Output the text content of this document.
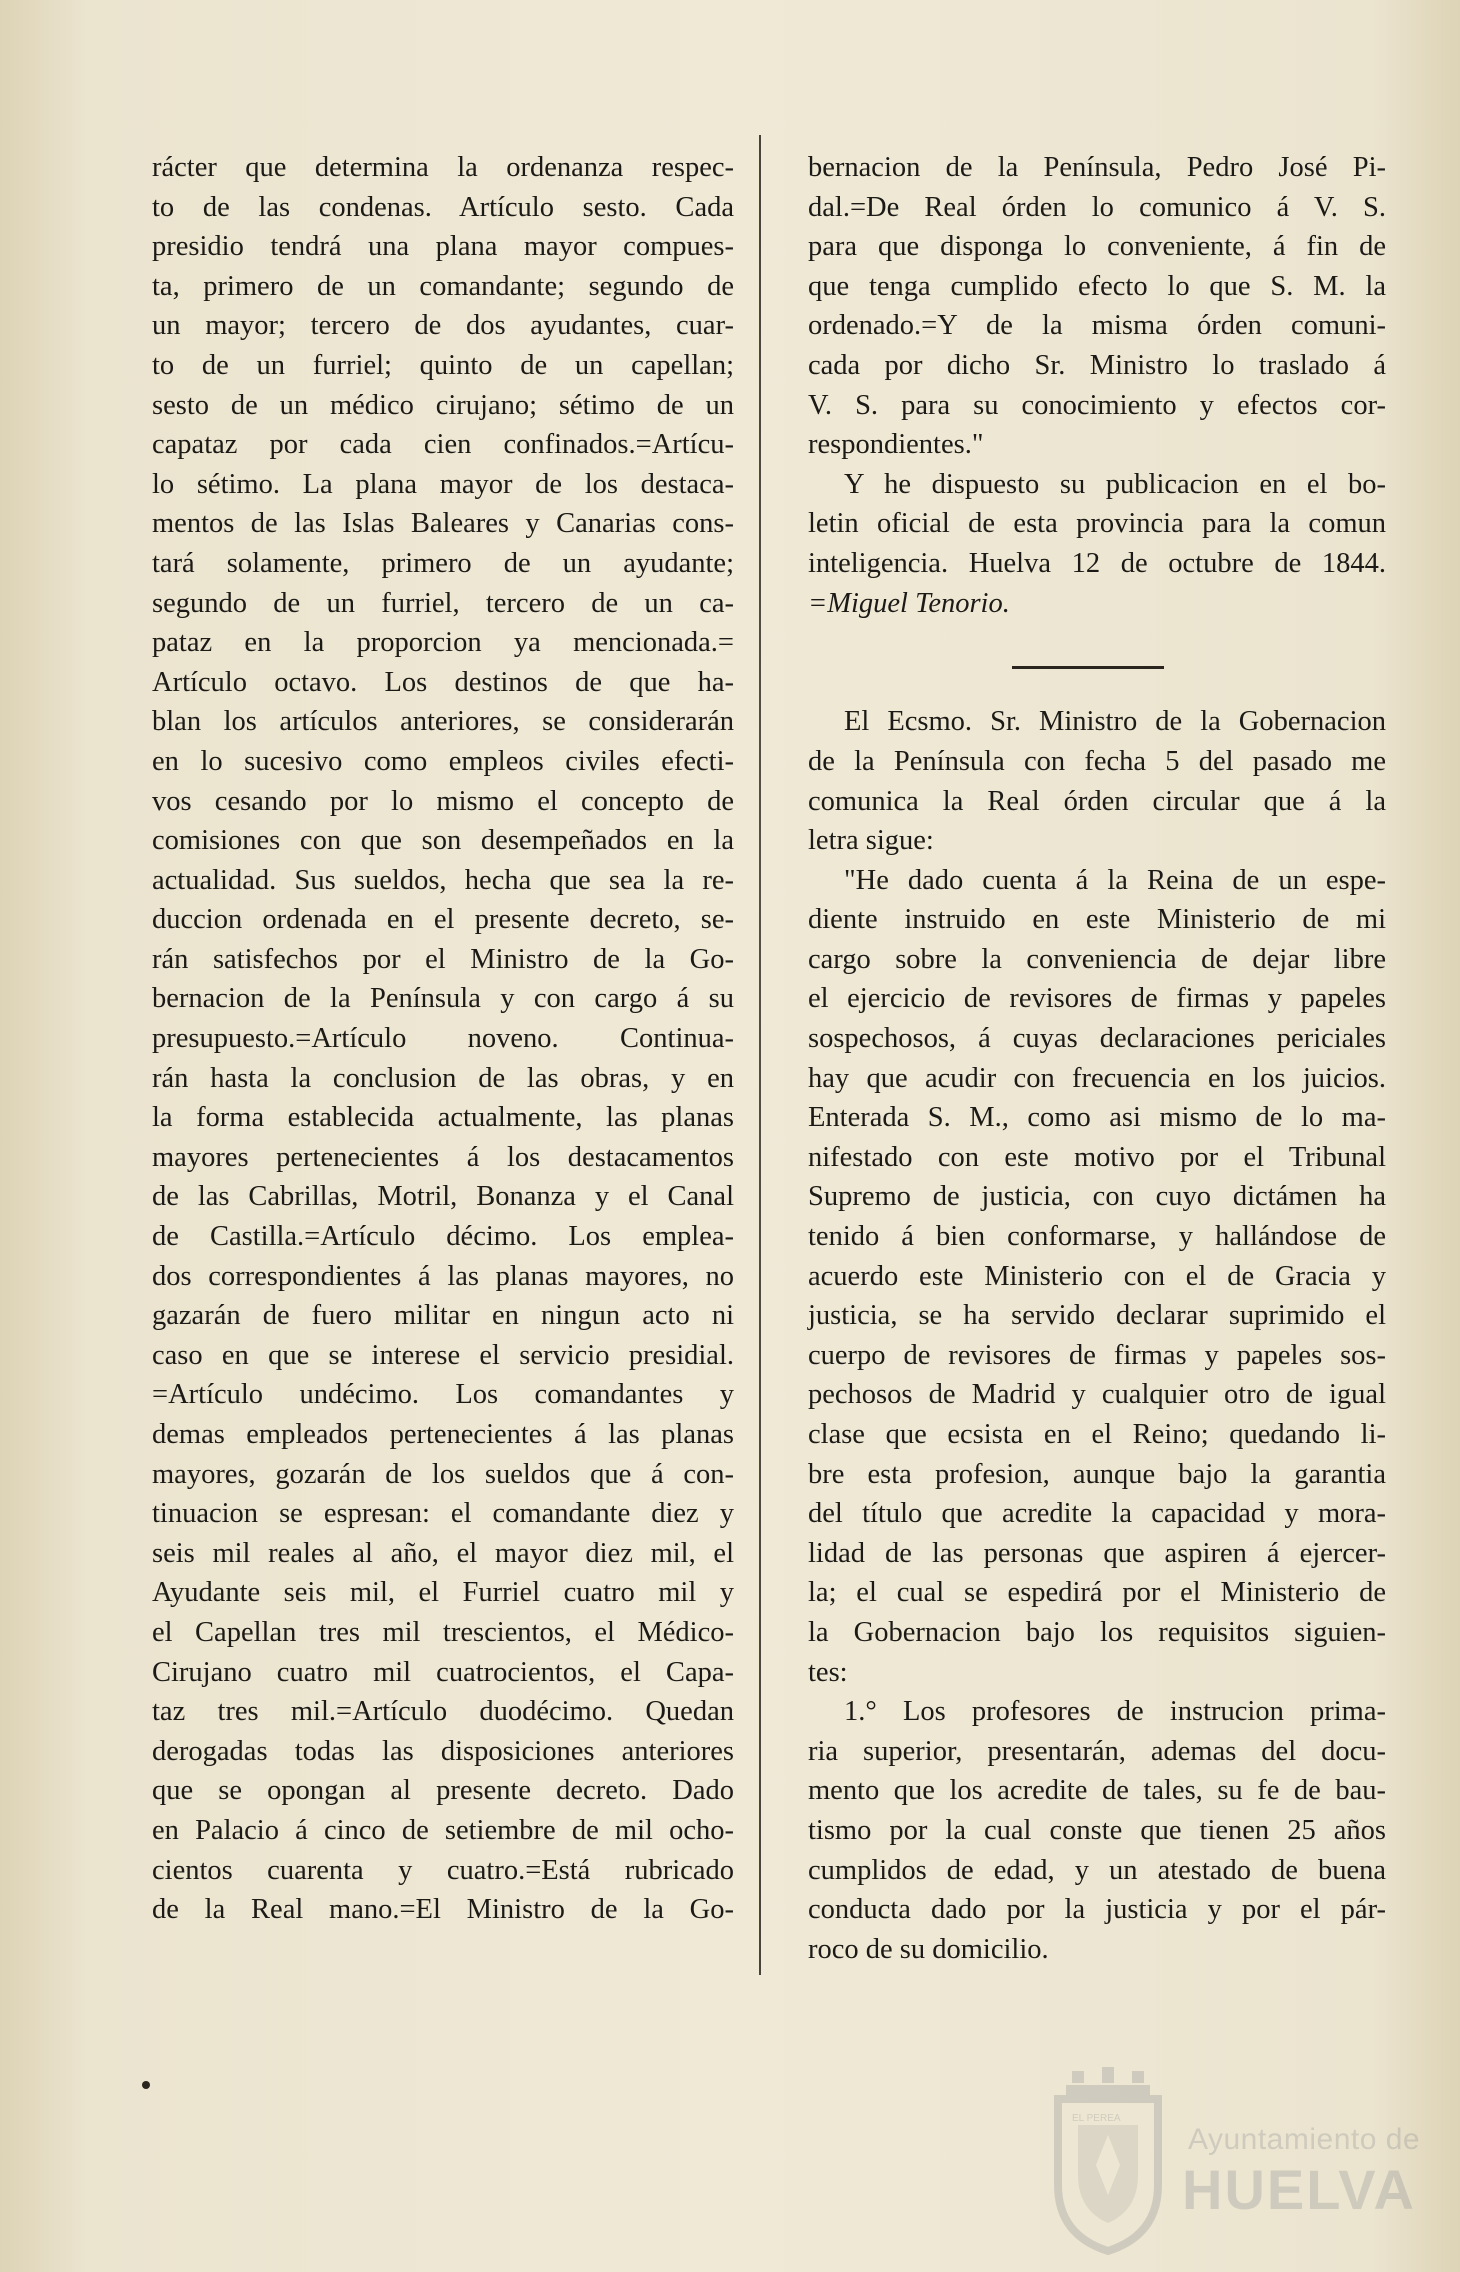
rácter que determina la ordenanza respec-
to de las condenas. Artículo sesto. Cada
presidio tendrá una plana mayor compues-
ta, primero de un comandante; segundo de
un mayor; tercero de dos ayudantes, cuar-
to de un furriel; quinto de un capellan;
sesto de un médico cirujano; sétimo de un
capataz por cada cien confinados.=Artícu-
lo sétimo. La plana mayor de los destaca-
mentos de las Islas Baleares y Canarias cons-
tará solamente, primero de un ayudante;
segundo de un furriel, tercero de un ca-
pataz en la proporcion ya mencionada.=
Artículo octavo. Los destinos de que ha-
blan los artículos anteriores, se considerarán
en lo sucesivo como empleos civiles efecti-
vos cesando por lo mismo el concepto de
comisiones con que son desempeñados en la
actualidad. Sus sueldos, hecha que sea la re-
duccion ordenada en el presente decreto, se-
rán satisfechos por el Ministro de la Go-
bernacion de la Península y con cargo á su
presupuesto.=Artículo noveno. Continua-
rán hasta la conclusion de las obras, y en
la forma establecida actualmente, las planas
mayores pertenecientes á los destacamentos
de las Cabrillas, Motril, Bonanza y el Canal
de Castilla.=Artículo décimo. Los emplea-
dos correspondientes á las planas mayores, no
gazarán de fuero militar en ningun acto ni
caso en que se interese el servicio presidial.
=Artículo undécimo. Los comandantes y
demas empleados pertenecientes á las planas
mayores, gozarán de los sueldos que á con-
tinuacion se espresan: el comandante diez y
seis mil reales al año, el mayor diez mil, el
Ayudante seis mil, el Furriel cuatro mil y
el Capellan tres mil trescientos, el Médico-
Cirujano cuatro mil cuatrocientos, el Capa-
taz tres mil.=Artículo duodécimo. Quedan
derogadas todas las disposiciones anteriores
que se opongan al presente decreto. Dado
en Palacio á cinco de setiembre de mil ocho-
cientos cuarenta y cuatro.=Está rubricado
de la Real mano.=El Ministro de la Go-
bernacion de la Península, Pedro José Pi-
dal.=De Real órden lo comunico á V. S.
para que disponga lo conveniente, á fin de
que tenga cumplido efecto lo que S. M. la
ordenado.=Y de la misma órden comuni-
cada por dicho Sr. Ministro lo traslado á
V. S. para su conocimiento y efectos cor-
respondientes."
Y he dispuesto su publicacion en el bo-
letin oficial de esta provincia para la comun
inteligencia. Huelva 12 de octubre de 1844.
=Miguel Tenorio.
El Ecsmo. Sr. Ministro de la Gobernacion
de la Península con fecha 5 del pasado me
comunica la Real órden circular que á la
letra sigue:
"He dado cuenta á la Reina de un espe-
diente instruido en este Ministerio de mi
cargo sobre la conveniencia de dejar libre
el ejercicio de revisores de firmas y papeles
sospechosos, á cuyas declaraciones periciales
hay que acudir con frecuencia en los juicios.
Enterada S. M., como asi mismo de lo ma-
nifestado con este motivo por el Tribunal
Supremo de justicia, con cuyo dictámen ha
tenido á bien conformarse, y hallándose de
acuerdo este Ministerio con el de Gracia y
justicia, se ha servido declarar suprimido el
cuerpo de revisores de firmas y papeles sos-
pechosos de Madrid y cualquier otro de igual
clase que ecsista en el Reino; quedando li-
bre esta profesion, aunque bajo la garantia
del título que acredite la capacidad y mora-
lidad de las personas que aspiren á ejercer-
la; el cual se espedirá por el Ministerio de
la Gobernacion bajo los requisitos siguien-
tes:
1.° Los profesores de instrucion prima-
ria superior, presentarán, ademas del docu-
mento que los acredite de tales, su fe de bau-
tismo por la cual conste que tienen 25 años
cumplidos de edad, y un atestado de buena
conducta dado por la justicia y por el pár-
roco de su domicilio.
Ayuntamiento de
HUELVA
EL PEREA
